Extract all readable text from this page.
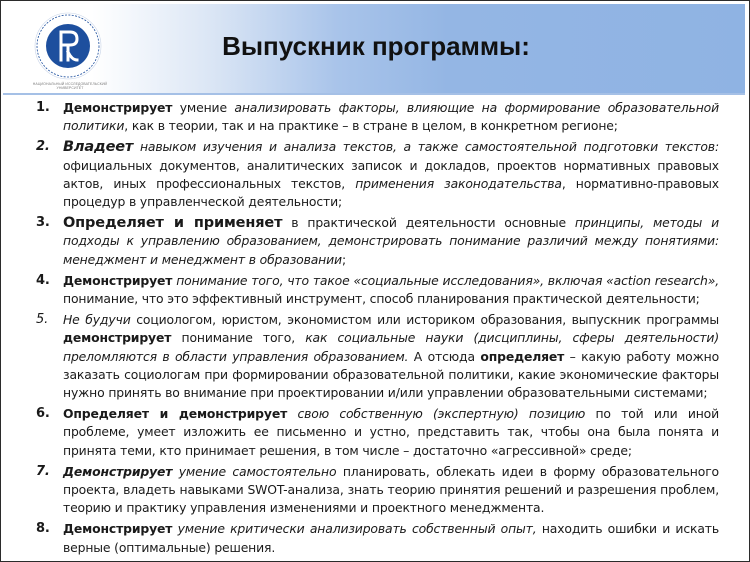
НАЦИОНАЛЬНЫЙ ИССЛЕДОВАТЕЛЬСКИЙ
УНИВЕРСИТЕТ
Выпускник программы:
1. Демонстрирует умение анализировать факторы, влияющие на формирование образовательной политики, как в теории, так и на практике – в стране в целом, в конкретном регионе;
2. Владеет навыком изучения и анализа текстов, а также самостоятельной подготовки текстов: официальных документов, аналитических записок и докладов, проектов нормативных правовых актов, иных профессиональных текстов, применения законодательства, нормативно-правовых процедур в управленческой деятельности;
3. Определяет и применяет в практической деятельности основные принципы, методы и подходы к управлению образованием, демонстрировать понимание различий между понятиями: менеджмент и менеджмент в образовании;
4. Демонстрирует понимание того, что такое «социальные исследования», включая «action research», понимание, что это эффективный инструмент, способ планирования практической деятельности;
5. Не будучи социологом, юристом, экономистом или историком образования, выпускник программы демонстрирует понимание того, как социальные науки (дисциплины, сферы деятельности) преломляются в области управления образованием. А отсюда определяет – какую работу можно заказать социологам при формировании образовательной политики, какие экономические факторы нужно принять во внимание при проектировании и/или управлении образовательными системами;
6. Определяет и демонстрирует свою собственную (экспертную) позицию по той или иной проблеме, умеет изложить ее письменно и устно, представить так, чтобы она была понята и принята теми, кто принимает решения, в том числе – достаточно «агрессивной» среде;
7. Демонстрирует умение самостоятельно планировать, облекать идеи в форму образовательного проекта, владеть навыками SWOT-анализа, знать теорию принятия решений и разрешения проблем, теорию и практику управления изменениями и проектного менеджмента.
8. Демонстрирует умение критически анализировать собственный опыт, находить ошибки и искать верные (оптимальные) решения.
